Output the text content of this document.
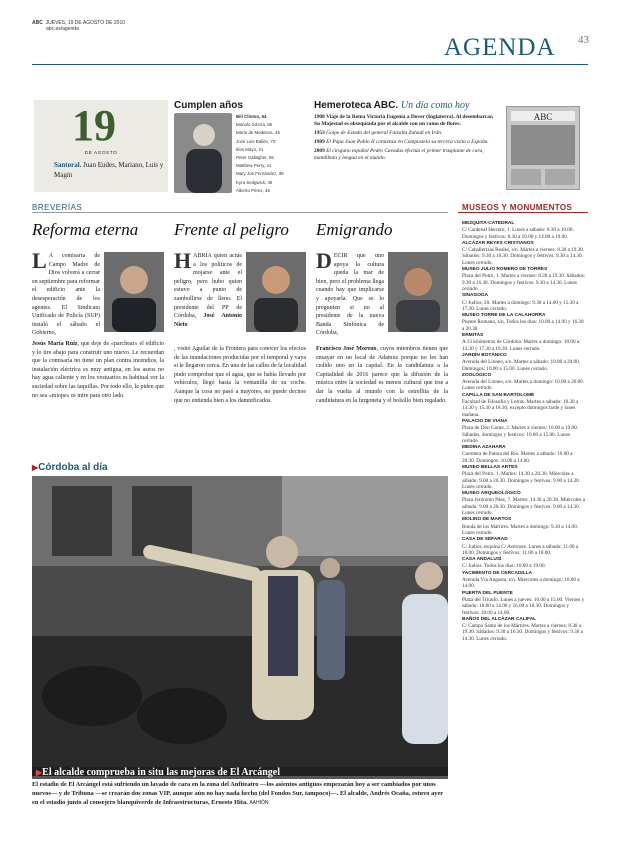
ABC JUEVES, 19 DE AGOSTO DE 2010
abc.es/agenda
AGENDA 43
19
DE AGOSTO
Santoral. Juan Eudes, Mariano, Luis y Magín
Cumplen años
Bill Clinton, 64
Manolo García, 55
María de Medeiros, 45
José Luis Ballén, 70
Ilíes Mayo, 21
Peter Gallagher, 55
Matthew Perry, 41
Mary Joe Fernández, 39
Kyra Sedgwick, 45
Alberto Pérez, 45
Hemeroteca ABC. Un día como hoy

1908 Viaje de la Reina Victoria Eugenia a Dover (Inglaterra). Al desembarcar, Su Majestad es obsequiada por el alcalde con un ramo de flores.

1953 Golpe de Estado del general Faizalla Zahadi en Irán.

1989 El Papa Juan Pablo II comienza en Compostela su tercera visita a España.

2009 El cirujano español Pedro Cavadas efectúa el primer trasplante de cara, mandíbula y lengua en el mundo.

ABC
BREVERÍAS	MUSEOS Y MONUMENTOS
Reforma eterna
L A comisaría de Campo Madre de Dios volverá a cerrar en septiembre para reformar el edificio ante la desesperación de los agentes. El Sindicato Unificado de Policía (SUP) instaló el sábado el Gobierno,
Jesús María Ruiz, que deje de «parchear» el edificio y lo tire abajo para construir uno nuevo. Le recuerdan que la comisaría no tiene un plan contra incendios, la instalación eléctrica es muy antigua, en los aseos no hay agua caliente y en los vestuarios es habitual ver la suciedad sobre las taquillas. Por todo ello, le piden que no sea «miope» ni mire para otro lado.
Frente al peligro
HABRÍA quien actúe a los políticos de mojarse ante el peligro, pero hubo quien estuvo a punto de zambullirse de lleno. El presidente del PP de Córdoba, José Antonio Nieto
, visitó Aguilar de la Frontera para conocer los efectos de las inundaciones producidas por el temporal y vaya si le llegaron cerca. En una de las calles de la localidad pudo comprobar que el agua, que se había llevado por vehículos, llegó hasta la ventanilla de su coche. Aunque la cosa no pasó a mayores, no puede decirse que no entienda bien a los damnificados.
Emigrando
DECIR que uno apoya la cultura queda la mar de bien, pero el problema llega cuando hay que implicarse y apoyarla. Que se lo pregunten si no al presidente de la nueva Banda Sinfónica de Córdoba,
Francisco José Moreno, cuyos miembros tienen que ensayar en un local de Adamuz porque no les han cedido uno en la capital. En la candidatura a la Capitalidad de 2016 parece que la difusión de la música entre la sociedad es menos cultural que irse a dar la vuelta al mundo con la estrellita de la candidatura en la furgoneta y el bolsillo bien regalado.
MEZQUITA-CATEDRAL
C/ Cardenal Herrero, 1. Lunes a sábado: 8.30 a 19.00. Domingos y festivos: 8.30 a 10.00 y 14.00 a 19.00.
ALCÁZAR REYES CRISTIANOS
C/ Caballerizas Reales, s/n. Martes a viernes: 8.30 a 19.30. Sábados: 9.30 a 16.30. Domingos y festivos: 9.30 a 14.30. Lunes cerrado.
MUSEO JULIO ROMERO DE TORRES
Plaza del Potro, 1. Martes a viernes: 8.30 a 19.30. Sábados: 9.30 a 16.30. Domingos y festivos: 9.30 a 14.30. Lunes cerrado.
SINAGOGA
C/ Judíos, 20. Martes a domingo: 9.30 a 14.00 y 15.30 a 17.30. Lunes cerrado.
MUSEO TORRE DE LA CALAHORRA
Puente Romano, s/n. Todos los días: 10.00 a 14.00 y 16.30 a 20.30.
ERMITAS
A 13 kilómetros de Córdoba. Martes a domingo: 10.00 a 13.30 y 17.30 a 19.30. Lunes cerrado.
JARDÍN BOTÁNICO
Avenida del Linneo, s/n. Martes a sábado: 10.00 a 20.00. Domingos: 10.00 a 15.00. Lunes cerrado.
ZOOLÓGICO
Avenida del Linneo, s/n. Martes a domingo: 10.00 a 20.00. Lunes cerrado.
CAPILLA DE SAN BARTOLOMÉ
Facultad de Filosofía y Letras. Martes a sábado: 10.30 a 13.30 y 15.30 a 18.30, excepto domingos tarde y lunes mañana.
PALACIO DE VIANA
Plaza de Don Gome, 2. Martes a viernes: 10.00 a 19.00. Sábados, domingos y festivos: 10.00 a 15.00. Lunes cerrado.
MEDINA AZAHARA
Carretera de Palma del Río. Martes a sábado: 10.00 a 20.30. Domingos: 10.00 a 14.00.
MUSEO BELLAS ARTES
Plaza del Potro, 1. Martes: 14.30 a 20.30. Miércoles a sábado: 9.00 a 20.30. Domingos y festivos: 9.00 a 14.30. Lunes cerrado.
MUSEO ARQUEOLÓGICO
Plaza Jerónimo Páez, 7. Martes: 14.30 a 20.30. Miércoles a sábado: 9.00 a 20.30. Domingos y festivos: 9.00 a 14.30. Lunes cerrado.
MOLINO DE MARTOS
Ronda de los Mártires. Martes a domingo: 9.30 a 14.00. Lunes cerrado.
CASA DE SEFARAD
C/ Judíos, esquina C/ Averroes. Lunes a sábado: 11.00 a 18.00. Domingos y festivos: 11.00 a 18.00.
CASA ANDALUSÍ
C/ Judíos. Todos los días: 10.00 a 19.00.
YACIMIENTO DE CERCADILLA
Avenida Vía Augusta, s/n. Miércoles a domingo: 10.00 a 14.00.
PUERTA DEL PUENTE
Plaza del Triunfo. Lunes a jueves: 10.00 a 15.00. Viernes y sábado: 10.00 a 14.00 y 16.00 a 18.30. Domingos y festivos: 10.00 a 14.00.
BAÑOS DEL ALCÁZAR CALIFAL
C/ Campo Santo de los Mártires. Martes a viernes: 8.30 a 19.30. Sábados: 9.30 a 16.30. Domingos y festivos: 9.30 a 14.30. Lunes cerrado.
▶Córdoba al día
▶El alcalde comprueba in situ las mejoras de El Arcángel
El estadio de El Arcángel está sufriendo un lavado de cara en la zona del Anfiteatro —los asientos antiguos empezarán hoy a ser cambiados por unos nuevos— y de Tribuna —se crearán dos zonas VIP, aunque aún no hay nada hecho (del Fondos Sur, tampoco)—. El alcalde, Andrés Ocaña, estuvo ayer en el estadio junto al consejero blanquiverde de Infraestructuras, Ernesto Hita. AAHIÓN
